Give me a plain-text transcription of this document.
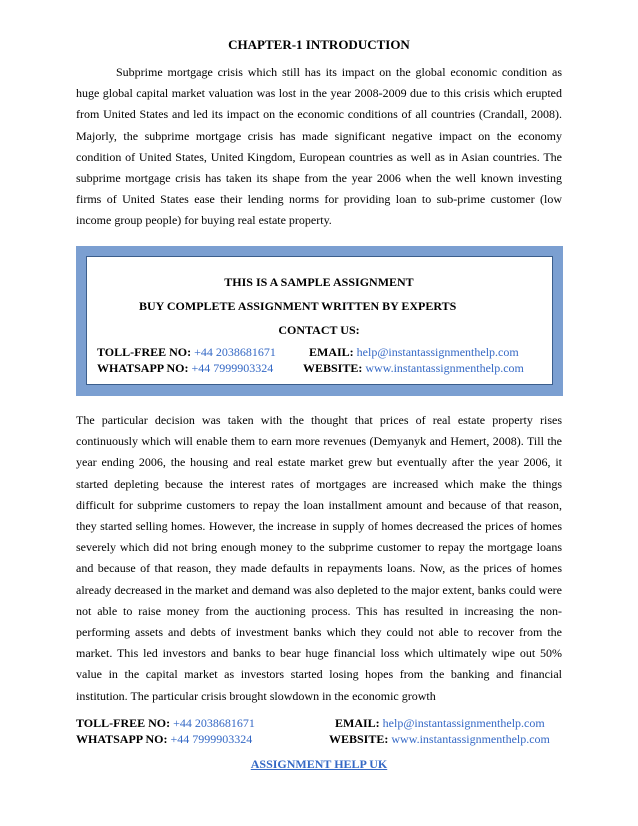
CHAPTER-1 INTRODUCTION

Subprime mortgage crisis which still has its impact on the global economic condition as huge global capital market valuation was lost in the year 2008-2009 due to this crisis which erupted from United States and led its impact on the economic conditions of all countries (Crandall, 2008). Majorly, the subprime mortgage crisis has made significant negative impact on the economy condition of United States, United Kingdom, European countries as well as in Asian countries. The subprime mortgage crisis has taken its shape from the year 2006 when the well known investing firms of United States ease their lending norms for providing loan to sub-prime customer (low income group people) for buying real estate property.

The particular decision was taken with the thought that prices of real estate property rises continuously which will enable them to earn more revenues (Demyanyk and Hemert, 2008). Till the year ending 2006, the housing and real estate market grew but eventually after the year 2006, it started depleting because the interest rates of mortgages are increased which make the things difficult for subprime customers to repay the loan installment amount and because of that reason, they started selling homes. However, the increase in supply of homes decreased the prices of homes severely which did not bring enough money to the subprime customer to repay the mortgage loans and because of that reason, they made defaults in repayments loans. Now, as the prices of homes already decreased in the market and demand was also depleted to the major extent, banks could were not able to raise money from the auctioning process. This has resulted in increasing the non-performing assets and debts of investment banks which they could not able to recover from the market. This led investors and banks to bear huge financial loss which ultimately wipe out 50% value in the capital market as investors started losing hopes from the banking and financial institution. The particular crisis brought slowdown in the economic growth

THIS IS A SAMPLE ASSIGNMENT
BUY COMPLETE ASSIGNMENT WRITTEN BY EXPERTS
CONTACT US:
TOLL-FREE NO: +44 2038681671	EMAIL: help@instantassignmenthelp.com
WHATSAPP NO: +44 7999903324 WEBSITE: www.instantassignmenthelp.com
TOLL-FREE NO: +44 2038681671	EMAIL: help@instantassignmenthelp.com
WHATSAPP NO: +44 7999903324	WEBSITE: www.instantassignmenthelp.com
ASSIGNMENT HELP UK
